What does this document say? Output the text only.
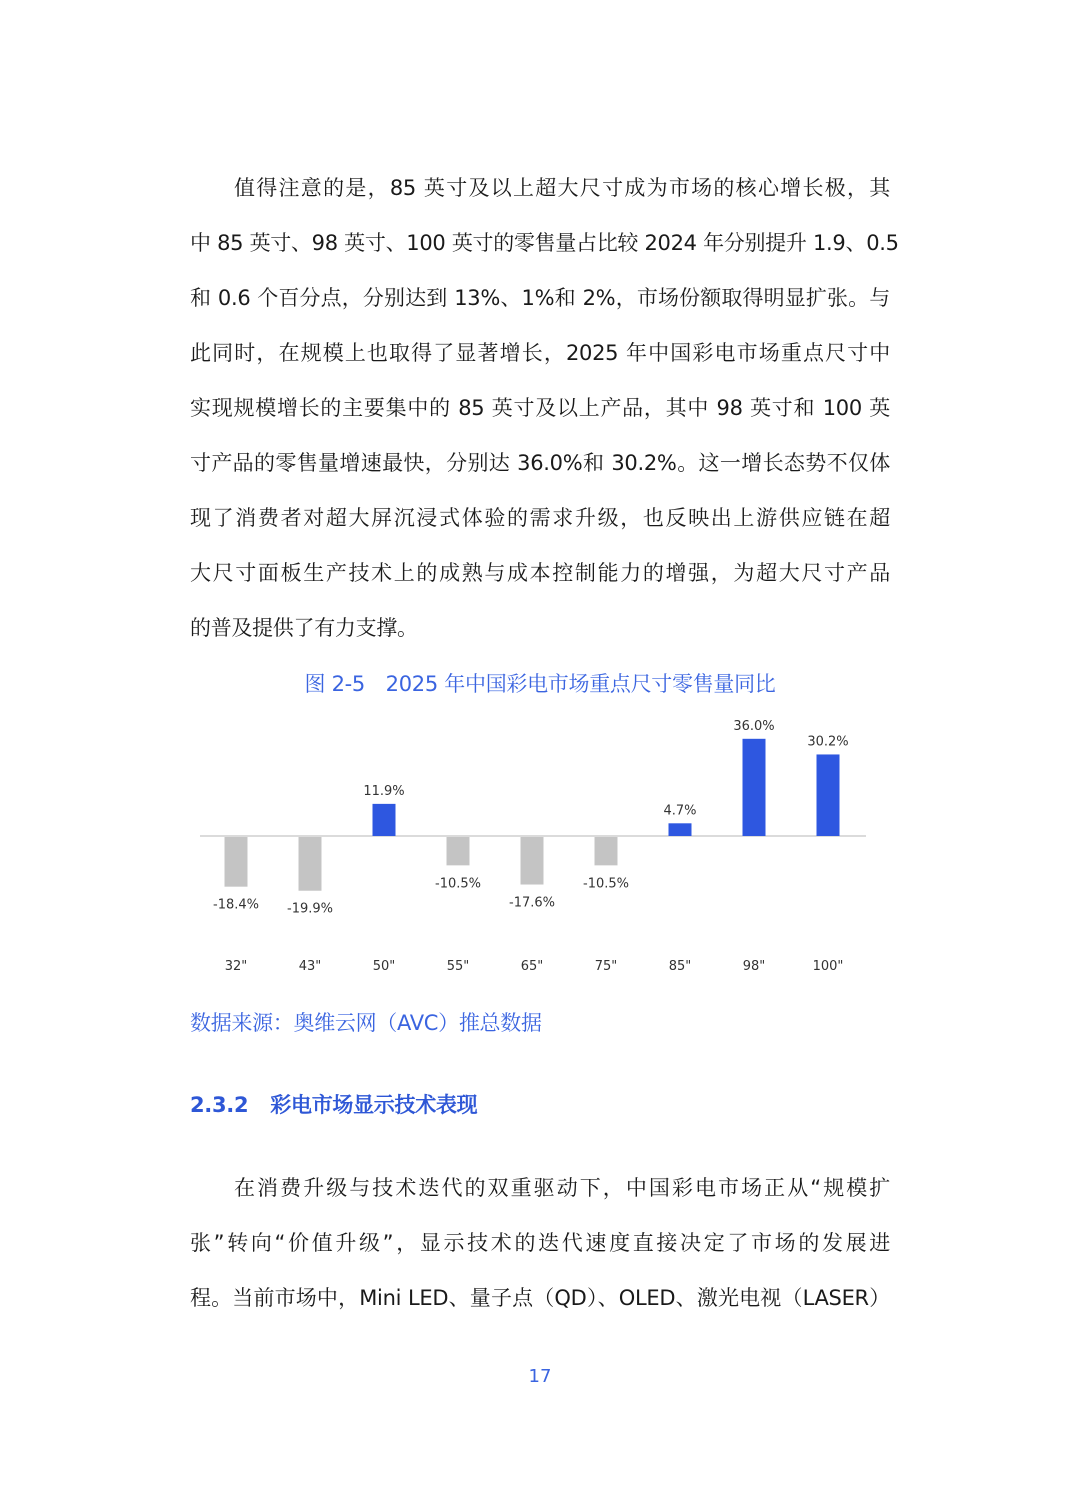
值得注意的是，85 英寸及以上超大尺寸成为市场的核心增长极，其
中 85 英寸、98 英寸、100 英寸的零售量占比较 2024 年分别提升 1.9、0.5
和 0.6 个百分点，分别达到 13%、1%和 2%，市场份额取得明显扩张。与
此同时，在规模上也取得了显著增长，2025 年中国彩电市场重点尺寸中
实现规模增长的主要集中的 85 英寸及以上产品，其中 98 英寸和 100 英
寸产品的零售量增速最快，分别达 36.0%和 30.2%。这一增长态势不仅体
现了消费者对超大屏沉浸式体验的需求升级，也反映出上游供应链在超
大尺寸面板生产技术上的成熟与成本控制能力的增强，为超大尺寸产品
的普及提供了有力支撑。
图 2-5　2025 年中国彩电市场重点尺寸零售量同比
-18.4%
32"
-19.9%
43"
11.9%
50"
-10.5%
55"
-17.6%
65"
-10.5%
75"
4.7%
85"
36.0%
98"
30.2%
100"
数据来源：奥维云网（AVC）推总数据
2.3.2 彩电市场显示技术表现
在消费升级与技术迭代的双重驱动下，中国彩电市场正从“规模扩
张”转向“价值升级”，显示技术的迭代速度直接决定了市场的发展进
程。当前市场中，Mini LED、量子点（QD）、OLED、激光电视（LASER）
17
